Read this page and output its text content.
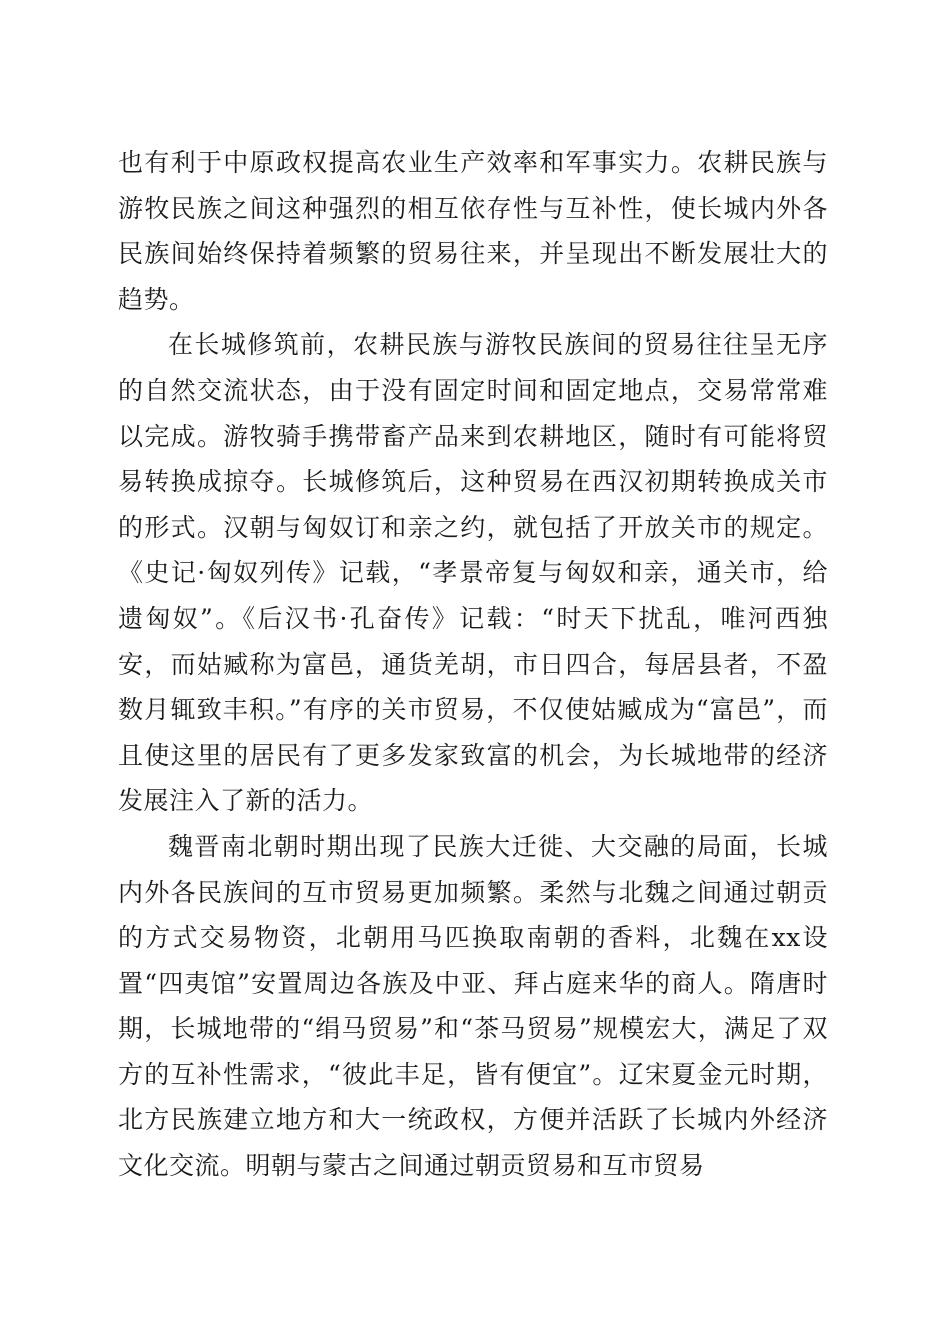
也有利于中原政权提高农业生产效率和军事实力。农耕民族与游牧民族之间这种强烈的相互依存性与互补性，使长城内外各民族间始终保持着频繁的贸易往来，并呈现出不断发展壮大的趋势。

在长城修筑前，农耕民族与游牧民族间的贸易往往呈无序的自然交流状态，由于没有固定时间和固定地点，交易常常难以完成。游牧骑手携带畜产品来到农耕地区，随时有可能将贸易转换成掠夺。长城修筑后，这种贸易在西汉初期转换成关市的形式。汉朝与匈奴订和亲之约，就包括了开放关市的规定。《史记·匈奴列传》记载，“孝景帝复与匈奴和亲，通关市，给遗匈奴”。《后汉书·孔奋传》记载：“时天下扰乱，唯河西独安，而姑臧称为富邑，通货羌胡，市日四合，每居县者，不盈数月辄致丰积。”有序的关市贸易，不仅使姑臧成为“富邑”，而且使这里的居民有了更多发家致富的机会，为长城地带的经济发展注入了新的活力。

魏晋南北朝时期出现了民族大迁徙、大交融的局面，长城内外各民族间的互市贸易更加频繁。柔然与北魏之间通过朝贡的方式交易物资，北朝用马匹换取南朝的香料，北魏在xx设置“四夷馆”安置周边各族及中亚、拜占庭来华的商人。隋唐时期，长城地带的“绢马贸易”和“茶马贸易”规模宏大，满足了双方的互补性需求，“彼此丰足，皆有便宜”。辽宋夏金元时期，北方民族建立地方和大一统政权，方便并活跃了长城内外经济文化交流。明朝与蒙古之间通过朝贡贸易和互市贸易
